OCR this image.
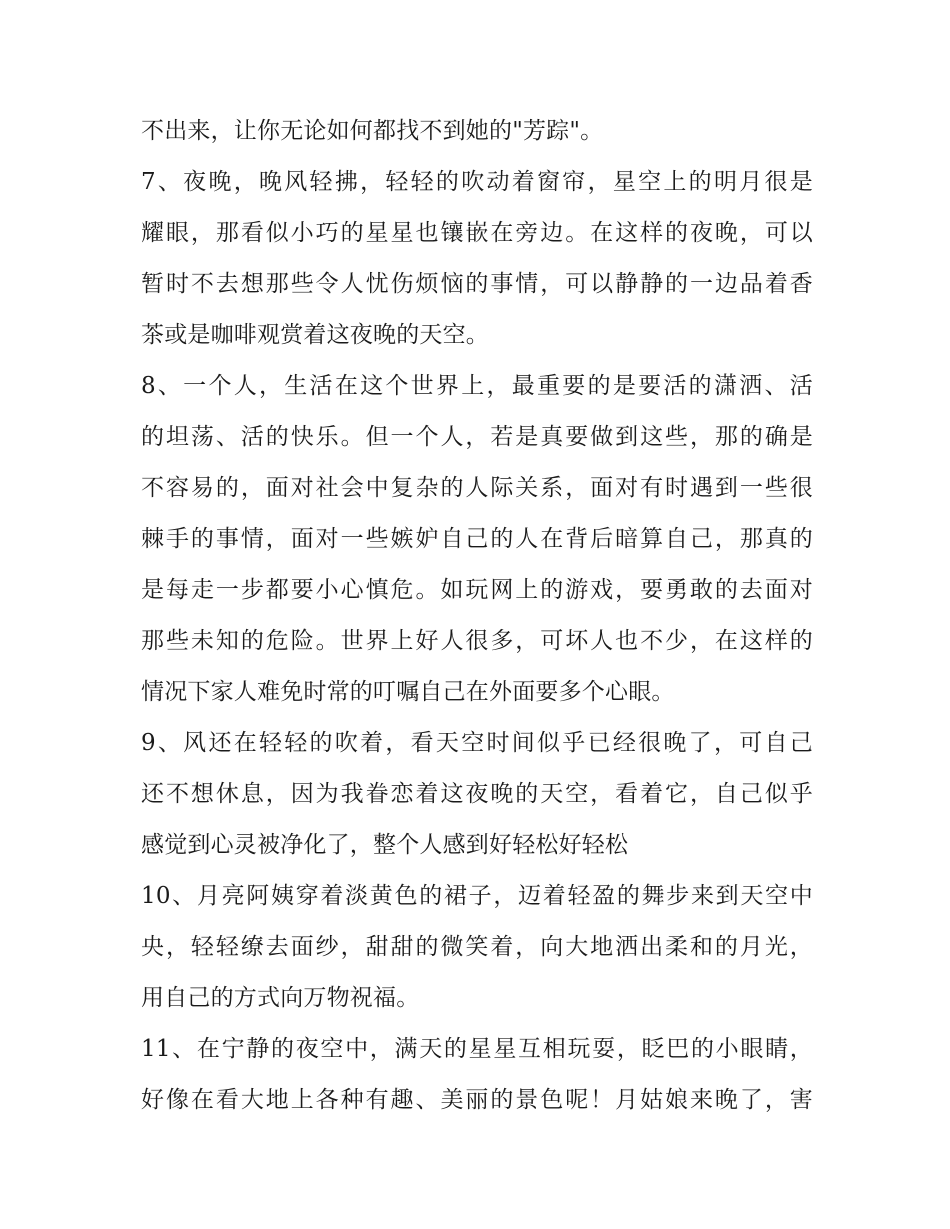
不出来，让你无论如何都找不到她的"芳踪"。
7、夜晚，晚风轻拂，轻轻的吹动着窗帘，星空上的明月很是
耀眼，那看似小巧的星星也镶嵌在旁边。在这样的夜晚，可以
暂时不去想那些令人忧伤烦恼的事情，可以静静的一边品着香
茶或是咖啡观赏着这夜晚的天空。
8、一个人，生活在这个世界上，最重要的是要活的潇洒、活
的坦荡、活的快乐。但一个人，若是真要做到这些，那的确是
不容易的，面对社会中复杂的人际关系，面对有时遇到一些很
棘手的事情，面对一些嫉妒自己的人在背后暗算自己，那真的
是每走一步都要小心慎危。如玩网上的游戏，要勇敢的去面对
那些未知的危险。世界上好人很多，可坏人也不少，在这样的
情况下家人难免时常的叮嘱自己在外面要多个心眼。
9、风还在轻轻的吹着，看天空时间似乎已经很晚了，可自己
还不想休息，因为我眷恋着这夜晚的天空，看着它，自己似乎
感觉到心灵被净化了，整个人感到好轻松好轻松
10、月亮阿姨穿着淡黄色的裙子，迈着轻盈的舞步来到天空中
央，轻轻缭去面纱，甜甜的微笑着，向大地洒出柔和的月光，
用自己的方式向万物祝福。
11、在宁静的夜空中，满天的星星互相玩耍，眨巴的小眼睛，
好像在看大地上各种有趣、美丽的景色呢！月姑娘来晚了，害
